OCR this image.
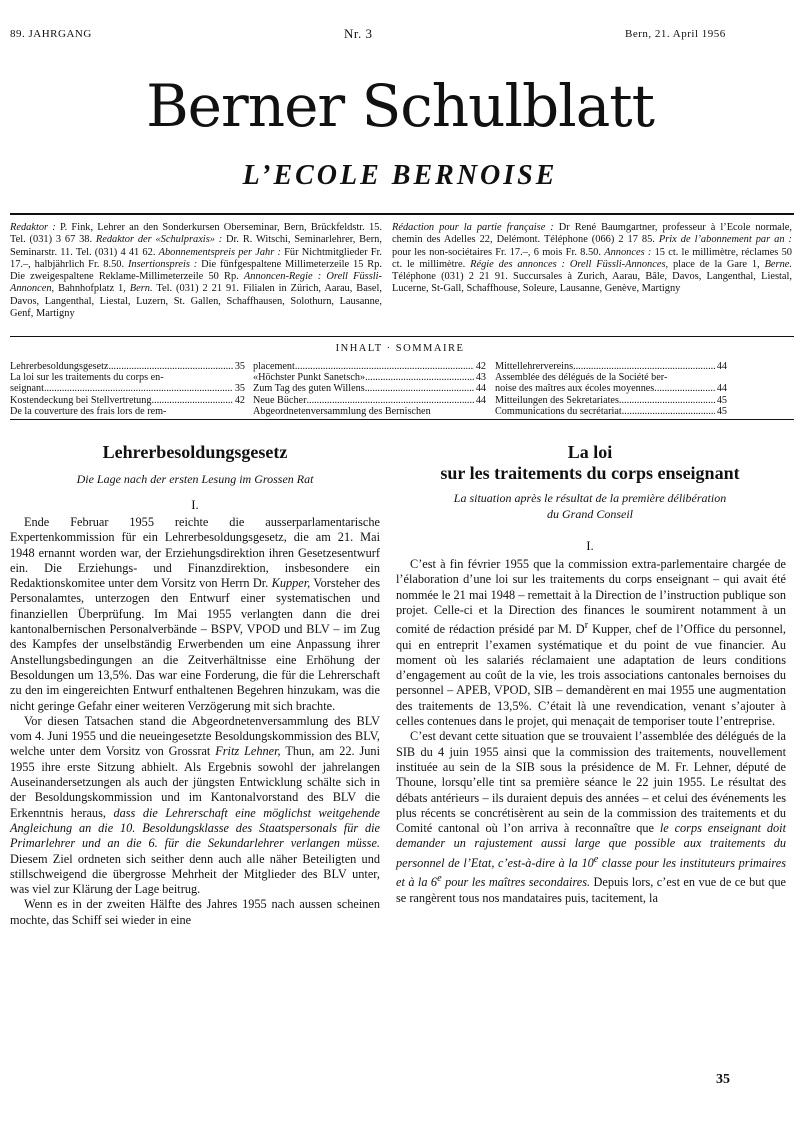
89. JAHRGANG	Nr. 3	Bern, 21. April 1956
Berner Schulblatt
L’ECOLE BERNOISE
Redaktor : P. Fink, Lehrer an den Sonderkursen Oberseminar, Bern, Brückfeldstr. 15. Tel. (031) 3 67 38. Redaktor der «Schulpraxis» : Dr. R. Witschi, Seminarlehrer, Bern, Seminarstr. 11. Tel. (031) 4 41 62. Abonnementspreis per Jahr : Für Nichtmitglieder Fr. 17.–, halbjährlich Fr. 8.50. Insertionspreis : Die fünfgespaltene Millimeterzeile 15 Rp. Die zweigespaltene Reklame-Millimeterzeile 50 Rp. Annoncen-Regie : Orell Füssli-Annoncen, Bahnhofplatz 1, Bern. Tel. (031) 2 21 91. Filialen in Zürich, Aarau, Basel, Davos, Langenthal, Liestal, Luzern, St. Gallen, Schaffhausen, Solothurn, Lausanne, Genf, Martigny
Rédaction pour la partie française : Dr René Baumgartner, professeur à l’Ecole normale, chemin des Adelles 22, Delémont. Téléphone (066) 2 17 85. Prix de l’abonnement par an : pour les non-sociétaires Fr. 17.–, 6 mois Fr. 8.50. Annonces : 15 ct. le millimètre, réclames 50 ct. le millimètre. Régie des annonces : Orell Füssli-Annonces, place de la Gare 1, Berne. Téléphone (031) 2 21 91. Succursales à Zurich, Aarau, Bâle, Davos, Langenthal, Liestal, Lucerne, St-Gall, Schaffhouse, Soleure, Lausanne, Genève, Martigny
INHALT · SOMMAIRE
Lehrerbesoldungsgesetz .....	35
La loi sur les traitements du corps en-
seignant .....	35
Kostendeckung bei Stellvertretung .....	42
De la couverture des frais lors de rem-
placement .....	42
«Höchster Punkt Sanetsch» .....	43
Zum Tag des guten Willens .....	44
Neue Bücher .....	44
Abgeordnetenversammlung des Bernischen
Mittellehrervereins .....	44
Assemblée des délégués de la Société ber-
noise des maîtres aux écoles moyennes .....	44
Mitteilungen des Sekretariates .....	45
Communications du secrétariat .....	45
Lehrerbesoldungsgesetz
Die Lage nach der ersten Lesung im Grossen Rat
I.

Ende Februar 1955 reichte die ausserparlamentarische Expertenkommission für ein Lehrerbesoldungsgesetz, die am 21. Mai 1948 ernannt worden war, der Erziehungsdirektion ihren Gesetzesentwurf ein. Die Erziehungs- und Finanzdirektion, insbesondere ein Redaktionskomitee unter dem Vorsitz von Herrn Dr. Kupper, Vorsteher des Personalamtes, unterzogen den Entwurf einer systematischen und finanziellen Überprüfung. Im Mai 1955 verlangten dann die drei kantonalbernischen Personalverbände – BSPV, VPOD und BLV – im Zug des Kampfes der unselbständig Erwerbenden um eine Anpassung ihrer Anstellungsbedingungen an die Zeitverhältnisse eine Erhöhung der Besoldungen um 13,5%. Das war eine Forderung, die für die Lehrerschaft zu den im eingereichten Entwurf enthaltenen Begehren hinzukam, was die nicht geringe Gefahr einer weiteren Verzögerung mit sich brachte.

Vor diesen Tatsachen stand die Abgeordnetenversammlung des BLV vom 4. Juni 1955 und die neueingesetzte Besoldungskommission des BLV, welche unter dem Vorsitz von Grossrat Fritz Lehner, Thun, am 22. Juni 1955 ihre erste Sitzung abhielt. Als Ergebnis sowohl der jahrelangen Auseinandersetzungen als auch der jüngsten Entwicklung schälte sich in der Besoldungskommission und im Kantonalvorstand des BLV die Erkenntnis heraus, dass die Lehrerschaft eine möglichst weitgehende Angleichung an die 10. Besoldungsklasse des Staatspersonals für die Primarlehrer und an die 6. für die Sekundarlehrer verlangen müsse. Diesem Ziel ordneten sich seither denn auch alle näher Beteiligten und stillschweigend die übergrosse Mehrheit der Mitglieder des BLV unter, was viel zur Klärung der Lage beitrug.

Wenn es in der zweiten Hälfte des Jahres 1955 nach aussen scheinen mochte, das Schiff sei wieder in eine

La loi
sur les traitements du corps enseignant
La situation après le résultat de la première délibération
du Grand Conseil
I.

C’est à fin février 1955 que la commission extra-parlementaire chargée de l’élaboration d’une loi sur les traitements du corps enseignant – qui avait été nommée le 21 mai 1948 – remettait à la Direction de l’instruction publique son projet. Celle-ci et la Direction des finances le soumirent notamment à un comité de rédaction présidé par M. $D^r$ Kupper, chef de l’Office du personnel, qui en entreprit l’examen systématique et du point de vue financier. Au moment où les salariés réclamaient une adaptation de leurs conditions d’engagement au coût de la vie, les trois associations cantonales bernoises du personnel – APEB, VPOD, SIB – demandèrent en mai 1955 une augmentation des traitements de 13,5%. C’était là une revendication, venant s’ajouter à celles contenues dans le projet, qui menaçait de temporiser toute l’entreprise.

C’est devant cette situation que se trouvaient l’assemblée des délégués de la SIB du 4 juin 1955 ainsi que la commission des traitements, nouvellement instituée au sein de la SIB sous la présidence de M. Fr. Lehner, député de Thoune, lorsqu’elle tint sa première séance le 22 juin 1955. Le résultat des débats antérieurs – ils duraient depuis des années – et celui des événements les plus récents se concrétisèrent au sein de la commission des traitements et du Comité cantonal où l’on arriva à reconnaître que le corps enseignant doit demander un rajustement aussi large que possible aux traitements du personnel de l’Etat, c’est-à-dire à la 10e classe pour les instituteurs primaires et à la 6e pour les maîtres secondaires. Depuis lors, c’est en vue de ce but que se rangèrent tous nos mandataires puis, tacitement, la

35
